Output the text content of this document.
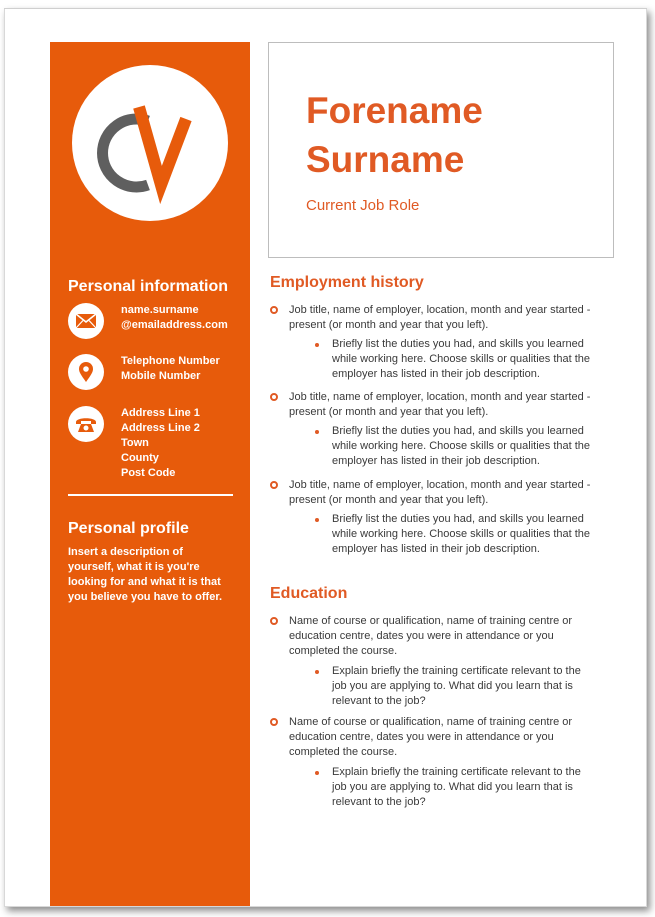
Personal information
name.surname
@emailaddress.com
Telephone Number
Mobile Number
Address Line 1
Address Line 2
Town
County
Post Code
Personal profile
Insert a description of yourself, what it is you're looking for and what it is that you believe you have to offer.
Forename
Surname
Current Job Role
Employment history
Job title, name of employer, location, month and year started - present (or month and year that you left).
Briefly list the duties you had, and skills you learned while working here. Choose skills or qualities that the employer has listed in their job description.
Job title, name of employer, location, month and year started - present (or month and year that you left).
Briefly list the duties you had, and skills you learned while working here. Choose skills or qualities that the employer has listed in their job description.
Job title, name of employer, location, month and year started - present (or month and year that you left).
Briefly list the duties you had, and skills you learned while working here. Choose skills or qualities that the employer has listed in their job description.
Education
Name of course or qualification, name of training centre or education centre, dates you were in attendance or you completed the course.
Explain briefly the training certificate relevant to the job you are applying to. What did you learn that is relevant to the job?
Name of course or qualification, name of training centre or education centre, dates you were in attendance or you completed the course.
Explain briefly the training certificate relevant to the job you are applying to. What did you learn that is relevant to the job?
